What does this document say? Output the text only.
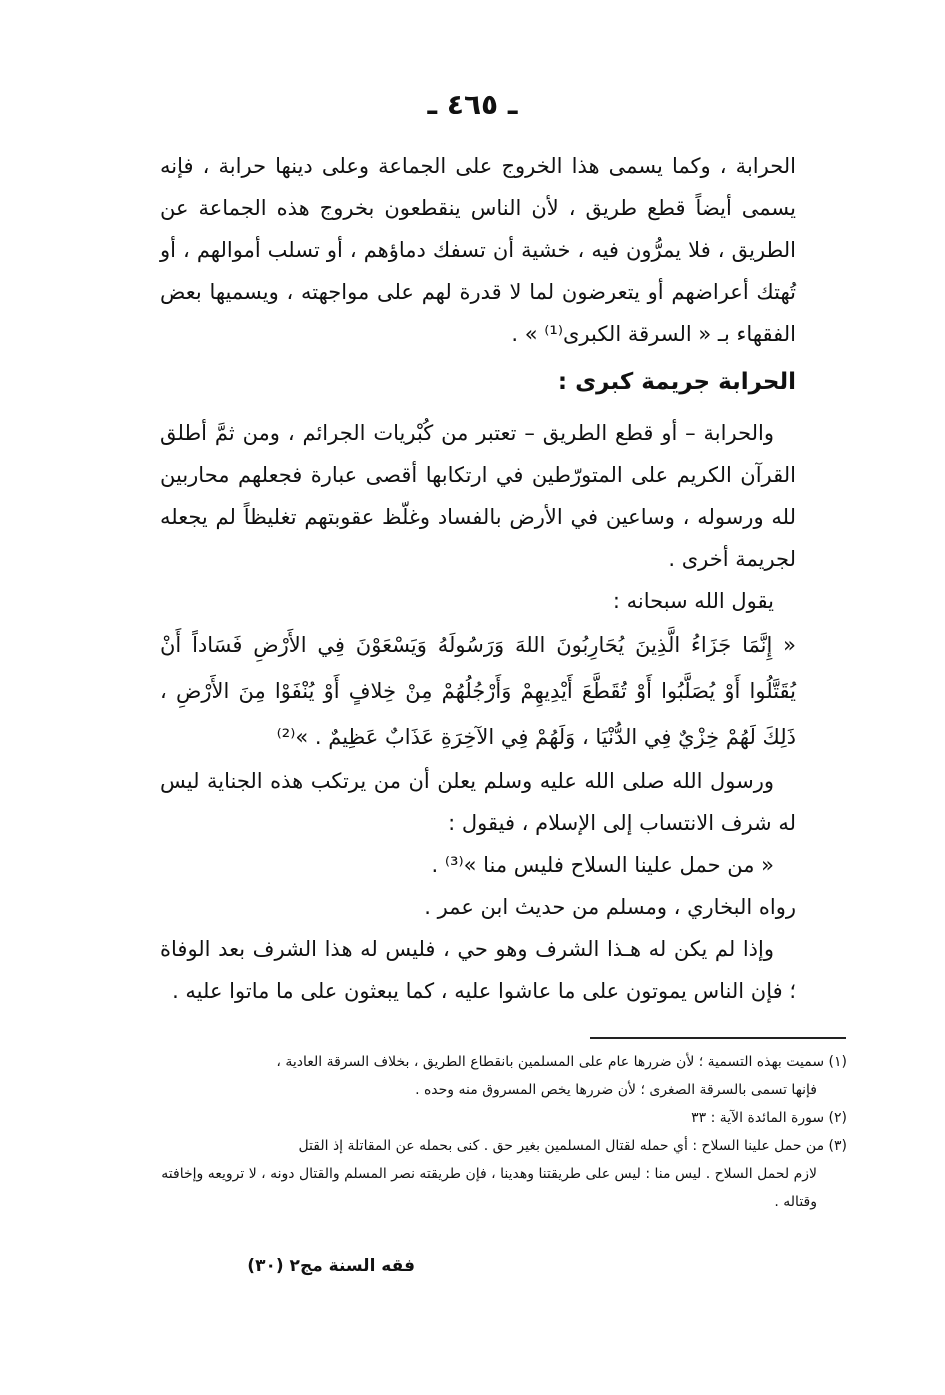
ـ ٤٦٥ ـ

الحرابة ، وكما يسمى هذا الخروج على الجماعة وعلى دينها حرابة ، فإنه يسمى أيضاً قطع طريق ، لأن الناس ينقطعون بخروج هذه الجماعة عن الطريق ، فلا يمرُّون فيه ، خشية أن تسفك دماؤهم ، أو تسلب أموالهم ، أو تُهتك أعراضهم أو يتعرضون لما لا قدرة لهم على مواجهته ، ويسميها بعض الفقهاء بـ « السرقة الكبرى⁽¹⁾ » .

الحرابة جريمة كبرى :

والحرابة – أو قطع الطريق – تعتبر من كُبْريات الجرائم ، ومن ثمَّ أطلق القرآن الكريم على المتورّطين في ارتكابها أقصى عبارة فجعلهم محاربين لله ورسوله ، وساعين في الأرض بالفساد وغلّظ عقوبتهم تغليظاً لم يجعله لجريمة أخرى .

يقول الله سبحانه :

« إِنَّمَا جَزَاءُ الَّذِينَ يُحَارِبُونَ اللهَ وَرَسُولَهُ وَيَسْعَوْنَ فِي الأَرْضِ فَسَاداً أَنْ يُقَتَّلُوا أَوْ يُصَلَّبُوا أَوْ تُقَطَّعَ أَيْدِيهِمْ وَأَرْجُلُهُمْ مِنْ خِلافٍ أَوْ يُنْفَوْا مِنَ الأَرْضِ ، ذَلِكَ لَهُمْ خِزْيٌ فِي الدُّنْيَا ، وَلَهُمْ فِي الآخِرَةِ عَذَابٌ عَظِيمٌ . »⁽²⁾

ورسول الله صلى الله عليه وسلم يعلن أن من يرتكب هذه الجناية ليس له شرف الانتساب إلى الإسلام ، فيقول :

« من حمل علينا السلاح فليس منا »⁽³⁾ .

رواه البخاري ، ومسلم من حديث ابن عمر .

وإذا لم يكن له هـذا الشرف وهو حي ، فليس له هذا الشرف بعد الوفاة ؛ فإن الناس يموتون على ما عاشوا عليه ، كما يبعثون على ما ماتوا عليه .

(١) سميت بهذه التسمية ؛ لأن ضررها عام على المسلمين بانقطاع الطريق ، بخلاف السرقة العادية ،
فإنها تسمى بالسرقة الصغرى ؛ لأن ضررها يخص المسروق منه وحده .

(٢) سورة المائدة الآية : ٣٣

(٣) من حمل علينا السلاح : أي حمله لقتال المسلمين بغير حق . كنى بحمله عن المقاتلة إذ القتل
لازم لحمل السلاح . ليس منا : ليس على طريقتنا وهدينا ، فإن طريقته نصر المسلم والقتال دونه ، لا ترويعه وإخافته وقتاله .

فقه السنة مج٢ (٣٠)
